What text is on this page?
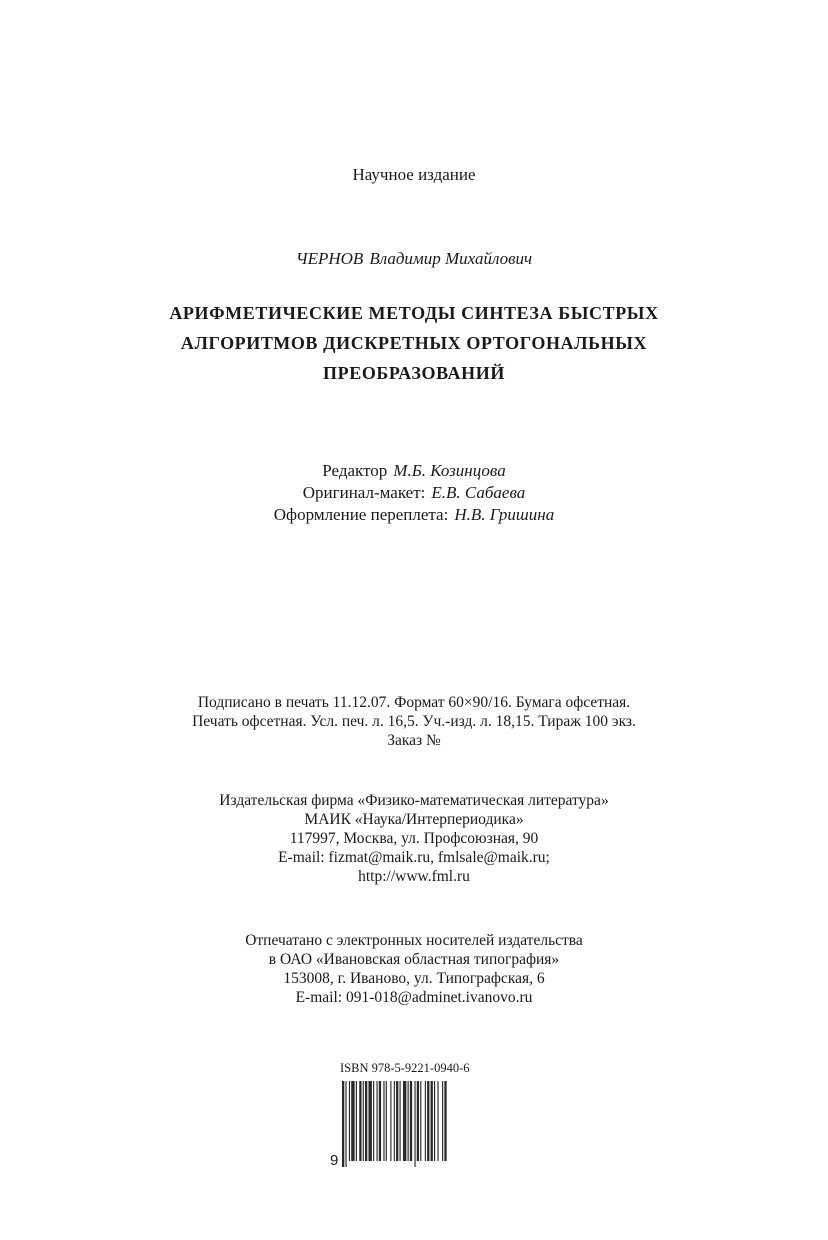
Научное издание
ЧЕРНОВ Владимир Михайлович
АРИФМЕТИЧЕСКИЕ МЕТОДЫ СИНТЕЗА БЫСТРЫХ
АЛГОРИТМОВ ДИСКРЕТНЫХ ОРТОГОНАЛЬНЫХ
ПРЕОБРАЗОВАНИЙ
Редактор М.Б. Козинцова
Оригинал-макет: Е.В. Сабаева
Оформление переплета: Н.В. Гришина
Подписано в печать 11.12.07. Формат 60×90/16. Бумага офсетная.
Печать офсетная. Усл. печ. л. 16,5. Уч.-изд. л. 18,15. Тираж 100 экз.
Заказ №
Издательская фирма «Физико-математическая литература»
МАИК «Наука/Интерпериодика»
117997, Москва, ул. Профсоюзная, 90
E-mail: fizmat@maik.ru, fmlsale@maik.ru;
http://www.fml.ru
Отпечатано с электронных носителей издательства
в ОАО «Ивановская областная типография»
153008, г. Иваново, ул. Типографская, 6
E-mail: 091-018@adminet.ivanovo.ru
ISBN 978-5-9221-0940-6
9
